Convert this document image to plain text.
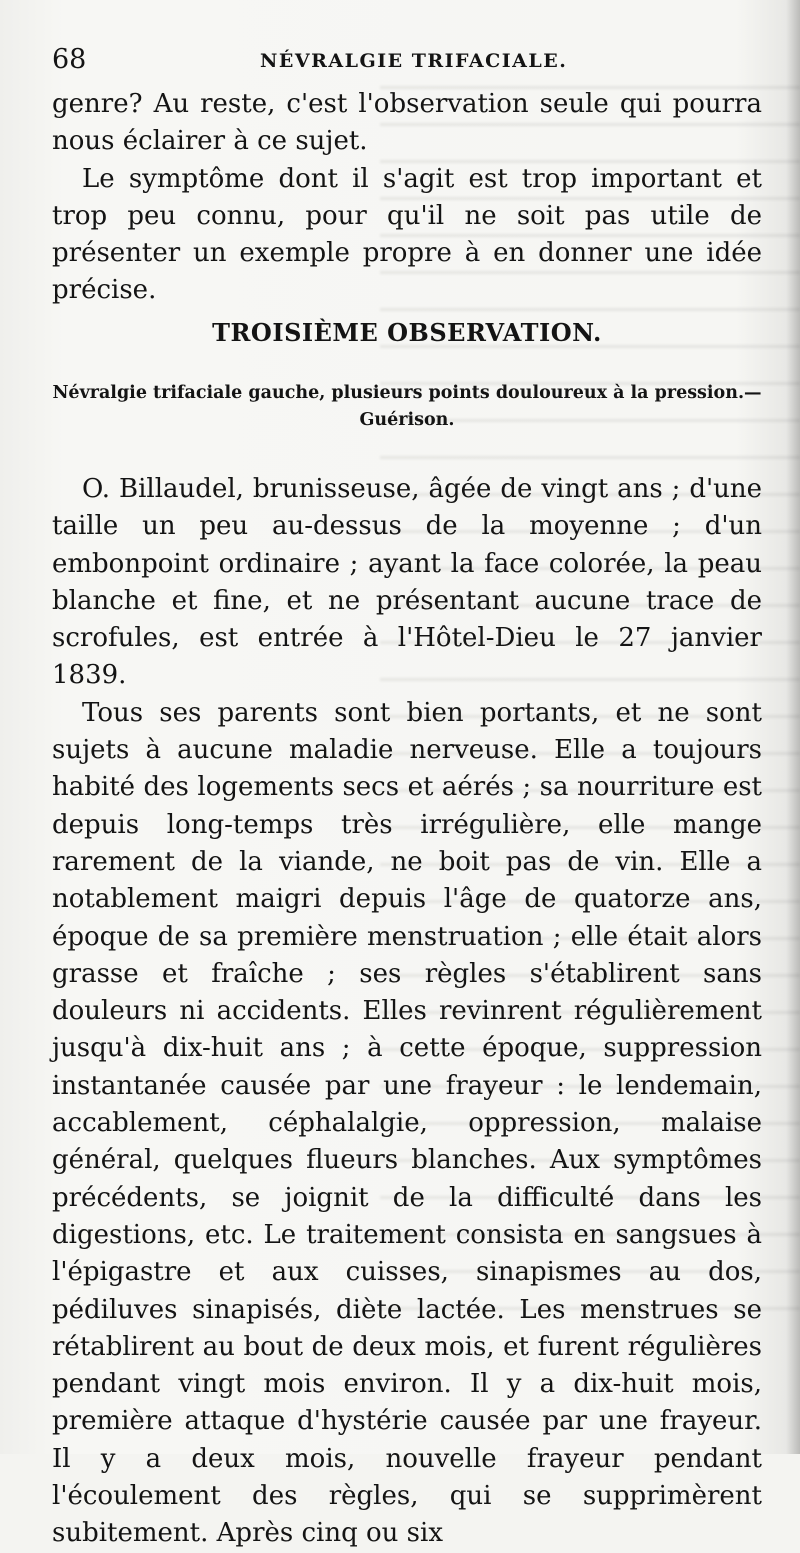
68	NÉVRALGIE TRIFACIALE.

genre? Au reste, c'est l'observation seule qui pourra nous éclairer à ce sujet.

Le symptôme dont il s'agit est trop important et trop peu connu, pour qu'il ne soit pas utile de présenter un exemple propre à en donner une idée précise.

TROISIÈME OBSERVATION.
Névralgie trifaciale gauche, plusieurs points douloureux à la pression.— Guérison.

O. Billaudel, brunisseuse, âgée de vingt ans ; d'une taille un peu au-dessus de la moyenne ; d'un embonpoint ordinaire ; ayant la face colorée, la peau blanche et fine, et ne présentant aucune trace de scrofules, est entrée à l'Hôtel-Dieu le 27 janvier 1839.

Tous ses parents sont bien portants, et ne sont sujets à aucune maladie nerveuse. Elle a toujours habité des logements secs et aérés ; sa nourriture est depuis long-temps très irrégulière, elle mange rarement de la viande, ne boit pas de vin. Elle a notablement maigri depuis l'âge de quatorze ans, époque de sa première menstruation ; elle était alors grasse et fraîche ; ses règles s'établirent sans douleurs ni accidents. Elles revinrent régulièrement jusqu'à dix-huit ans ; à cette époque, suppression instantanée causée par une frayeur : le lendemain, accablement, céphalalgie, oppression, malaise général, quelques flueurs blanches. Aux symptômes précédents, se joignit de la difficulté dans les digestions, etc. Le traitement consista en sangsues à l'épigastre et aux cuisses, sinapismes au dos, pédiluves sinapisés, diète lactée. Les menstrues se rétablirent au bout de deux mois, et furent régulières pendant vingt mois environ. Il y a dix-huit mois, première attaque d'hystérie causée par une frayeur. Il y a deux mois, nouvelle frayeur pendant l'écoulement des règles, qui se supprimèrent subitement. Après cinq ou six
